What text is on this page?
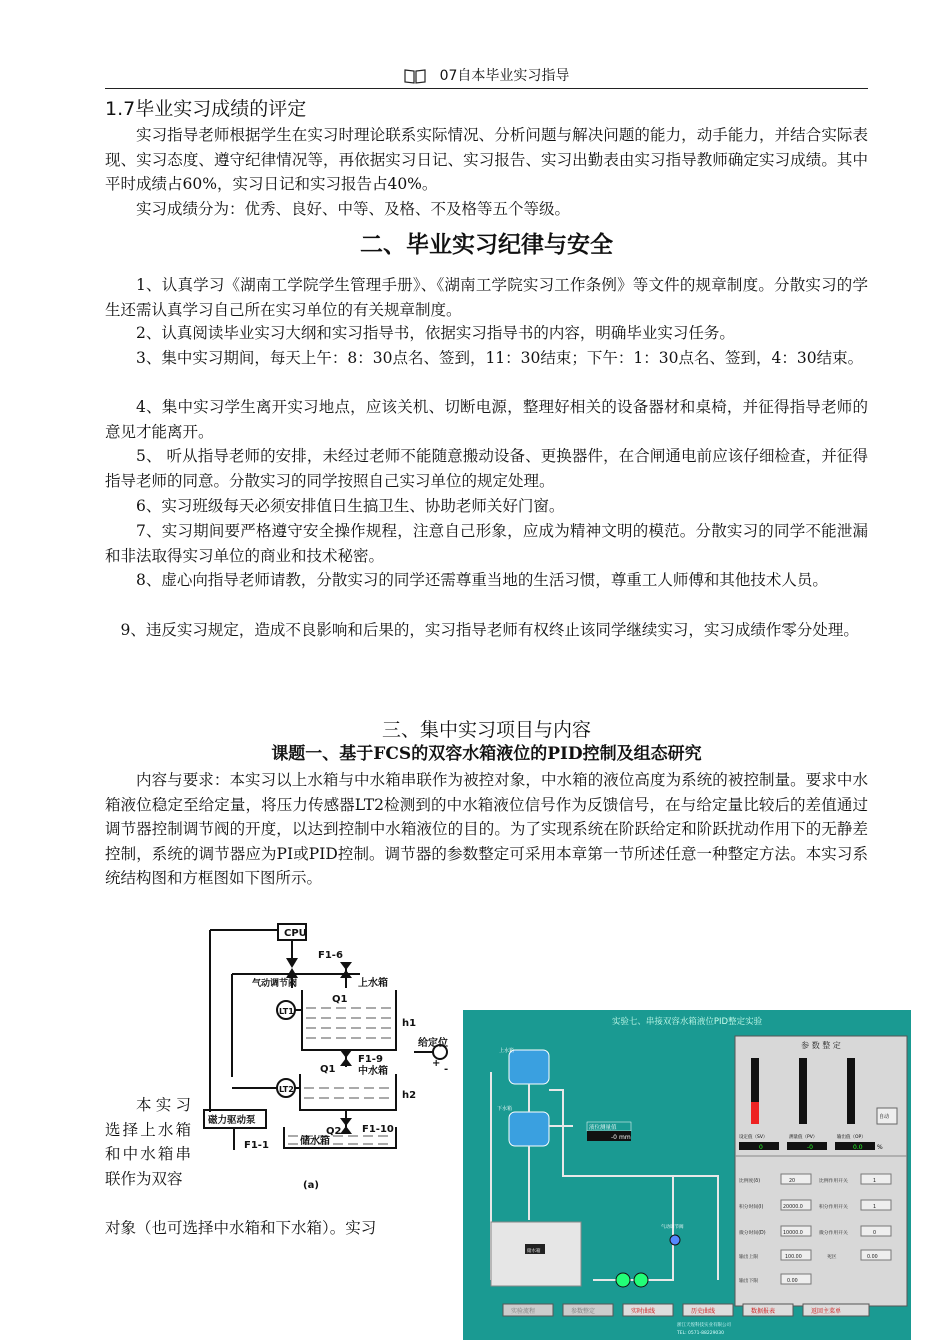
07自本毕业实习指导
1.7毕业实习成绩的评定
实习指导老师根据学生在实习时理论联系实际情况、分析问题与解决问题的能力，动手能力，并结合实际表现、实习态度、遵守纪律情况等，再依据实习日记、实习报告、实习出勤表由实习指导教师确定实习成绩。其中平时成绩占60%，实习日记和实习报告占40%。
实习成绩分为：优秀、良好、中等、及格、不及格等五个等级。
二、毕业实习纪律与安全
1、认真学习《湖南工学院学生管理手册》、《湖南工学院实习工作条例》等文件的规章制度。分散实习的学生还需认真学习自己所在实习单位的有关规章制度。
2、认真阅读毕业实习大纲和实习指导书，依据实习指导书的内容，明确毕业实习任务。
3、集中实习期间，每天上午：8：30点名、签到，11：30结束；下午：1：30点名、签到，4：30结束。
4、集中实习学生离开实习地点，应该关机、切断电源，整理好相关的设备器材和桌椅，并征得指导老师的意见才能离开。
5、 听从指导老师的安排，未经过老师不能随意搬动设备、更换器件，在合闸通电前应该仔细检查，并征得指导老师的同意。分散实习的同学按照自己实习单位的规定处理。
6、实习班级每天必须安排值日生搞卫生、协助老师关好门窗。
7、实习期间要严格遵守安全操作规程，注意自己形象，应成为精神文明的模范。分散实习的同学不能泄漏和非法取得实习单位的商业和技术秘密。
8、虚心向指导老师请教，分散实习的同学还需尊重当地的生活习惯，尊重工人师傅和其他技术人员。
9、违反实习规定，造成不良影响和后果的，实习指导老师有权终止该同学继续实习，实习成绩作零分处理。
三、集中实习项目与内容
课题一、基于FCS的双容水箱液位的PID控制及组态研究
内容与要求：本实习以上水箱与中水箱串联作为被控对象，中水箱的液位高度为系统的被控制量。要求中水箱液位稳定至给定量，将压力传感器LT2检测到的中水箱液位信号作为反馈信号，在与给定量比较后的差值通过调节器控制调节阀的开度，以达到控制中水箱液位的目的。为了实现系统在阶跃给定和阶跃扰动作用下的无静差控制，系统的调节器应为PI或PID控制。调节器的参数整定可采用本章第一节所述任意一种整定方法。本实习系统结构图和方框图如下图所示。
本实习选择上水箱和中水箱串联作为双容
对象（也可选择中水箱和下水箱）。实习
CPU
F1-6
气动调节阀	上水箱
Q1
LT1
h1
F1-9
给定位
+
-
中水箱
Q1
LT2
h2
磁力驱动泵
Q2 F1-10
F1-1	储水箱
(a)
实验七、串接双容水箱液位PID整定实验
上水箱
下水箱
液位测量值
-0 mm
储水箱
气动调节阀
参 数 整 定
自动
设定值（SV）	测量值（PV）	输出值（OP）
0	-0	0.0 %
比例度(δ)	20	比例作用开关	1
积分时间(I)	20000.0	积分作用开关	1
微分时间(D)	10000.0	微分作用开关	0
输出上限	100.00	死区	0.00
输出下限	0.00
实验流程	参数整定	实时曲线	历史曲线	数据报表	返回主菜单
浙江天煌科技实业有限公司
TEL: 0571-88229030
